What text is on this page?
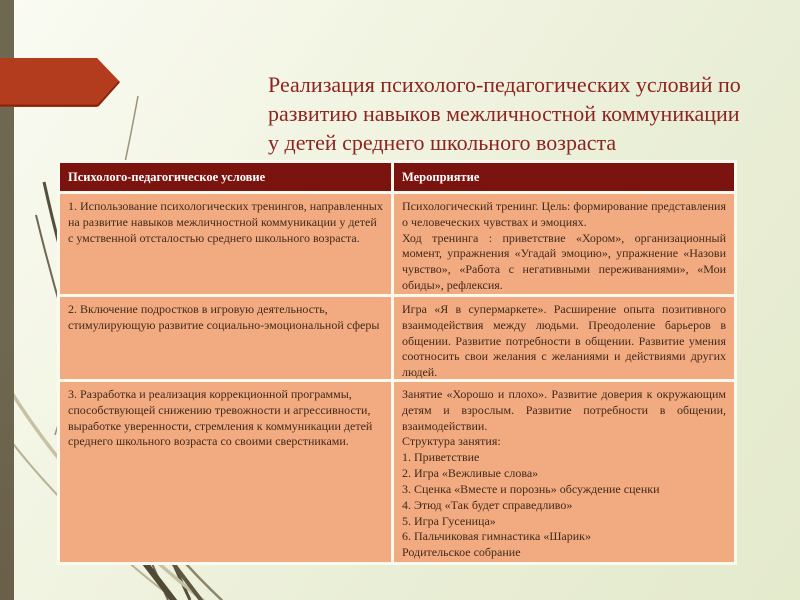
Реализация психолого-педагогических условий по
развитию навыков межличностной коммуникации
у детей среднего школьного возраста
Психолого-педагогическое условие	Мероприятие

1. Использование психологических тренингов, направленных на развитие навыков межличностной коммуникации у детей с умственной отсталостью среднего школьного возраста.

Психологический тренинг. Цель: формирование представления о человеческих чувствах и эмоциях.

Ход тренинга : приветствие «Хором», организационный момент, упражнения «Угадай эмоцию», упражнение «Назови чувство», «Работа с негативными переживаниями», «Мои обиды», рефлексия.

2. Включение подростков в игровую деятельность, стимулирующую развитие социально-эмоциональной сферы

Игра «Я в супермаркете». Расширение опыта позитивного взаимодействия между людьми. Преодоление барьеров в общении. Развитие потребности в общении. Развитие умения соотносить свои желания с желаниями и действиями других людей.

3. Разработка и реализация коррекционной программы, способствующей снижению тревожности и агрессивности, выработке уверенности, стремления к коммуникации детей среднего школьного возраста со своими сверстниками.

Занятие «Хорошо и плохо». Развитие доверия к окружающим детям и взрослым. Развитие потребности в общении, взаимодействии.

Структура занятия:

1. Приветствие

2. Игра «Вежливые слова»

3. Сценка «Вместе и порознь» обсуждение сценки

4. Этюд «Так будет справедливо»

5. Игра Гусеница»

6. Пальчиковая гимнастика «Шарик»

Родительское собрание
